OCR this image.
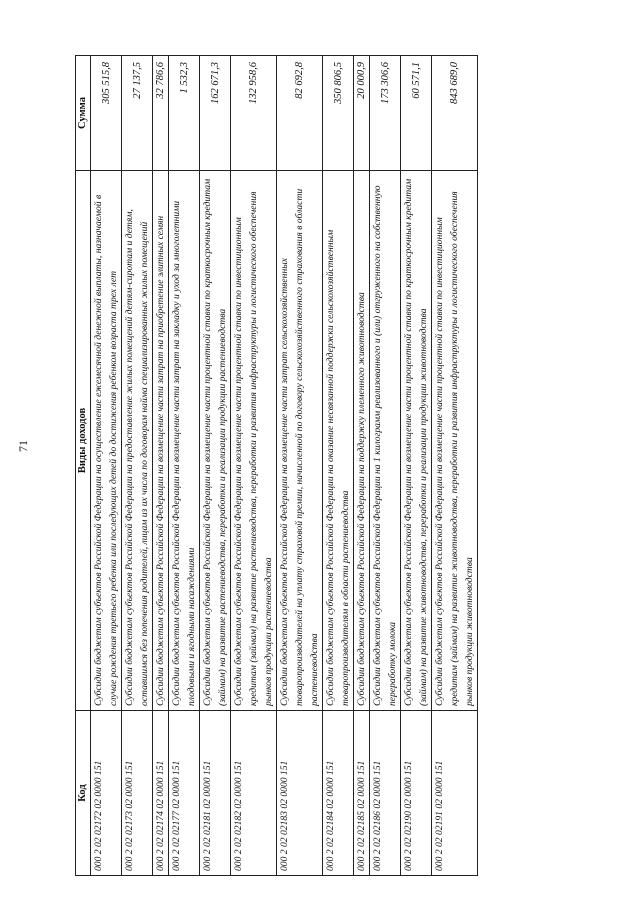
71
Код	Виды доходов	Сумма
000 2 02 02172 02 0000 151	Субсидии бюджетам субъектов Российской Федерации на осуществление ежемесячной денежной выплаты, назначаемой в случае рождения третьего ребенка или последующих детей до достижения ребенком возраста трех лет	305 515,8
000 2 02 02173 02 0000 151	Субсидии бюджетам субъектов Российской Федерации на предоставление жилых помещений детям-сиротам и детям, оставшимся без попечения родителей, лицам из их числа по договорам найма специализированных жилых помещений	27 137,5
000 2 02 02174 02 0000 151	Субсидии бюджетам субъектов Российской Федерации на возмещение части затрат на приобретение элитных семян	32 786,6
000 2 02 02177 02 0000 151	Субсидии бюджетам субъектов Российской Федерации на возмещение части затрат на закладку и уход за многолетними плодовыми и ягодными насаждениями	1 532,3
000 2 02 02181 02 0000 151	Субсидии бюджетам субъектов Российской Федерации на возмещение части процентной ставки по краткосрочным кредитам (займам) на развитие растениеводства, переработки и реализации продукции растениеводства	162 671,3
000 2 02 02182 02 0000 151	Субсидии бюджетам субъектов Российской Федерации на возмещение части процентной ставки по инвестиционным кредитам (займам) на развитие растениеводства, переработки и развития инфраструктуры и логистического обеспечения рынков продукции растениеводства	132 958,6
000 2 02 02183 02 0000 151	Субсидии бюджетам субъектов Российской Федерации на возмещение части затрат сельскохозяйственных товаропроизводителей на уплату страховой премии, начисленной по договору сельскохозяйственного страхования в области растениеводства	82 692,8
000 2 02 02184 02 0000 151	Субсидии бюджетам субъектов Российской Федерации на оказание несвязанной поддержки сельскохозяйственным товаропроизводителям в области растениеводства	350 806,5
000 2 02 02185 02 0000 151	Субсидии бюджетам субъектов Российской Федерации на поддержку племенного животноводства	20 000,9
000 2 02 02186 02 0000 151	Субсидии бюджетам субъектов Российской Федерации на 1 килограмм реализованного и (или) отгруженного на собственную переработку молока	173 306,6
000 2 02 02190 02 0000 151	Субсидии бюджетам субъектов Российской Федерации на возмещение части процентной ставки по краткосрочным кредитам (займам) на развитие животноводства, переработки и реализации продукции животноводства	60 571,1
000 2 02 02191 02 0000 151	Субсидии бюджетам субъектов Российской Федерации на возмещение части процентной ставки по инвестиционным кредитам (займам) на развитие животноводства, переработки и развития инфраструктуры и логистического обеспечения рынков продукции животноводства	843 689,0
